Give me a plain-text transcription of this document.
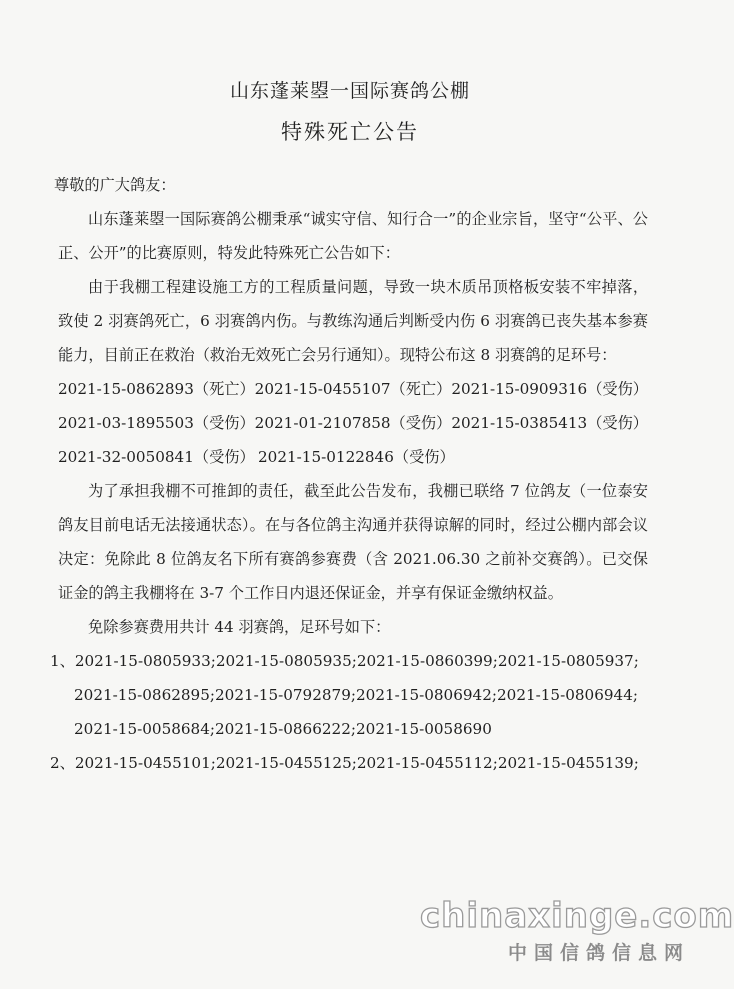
山东蓬莱曌一国际赛鸽公棚
特殊死亡公告

尊敬的广大鸽友：

山东蓬莱曌一国际赛鸽公棚秉承“诚实守信、知行合一”的企业宗旨，坚守“公平、公正、公开”的比赛原则，特发此特殊死亡公告如下：

由于我棚工程建设施工方的工程质量问题，导致一块木质吊顶格板安装不牢掉落，致使 2 羽赛鸽死亡，6 羽赛鸽内伤。与教练沟通后判断受内伤 6 羽赛鸽已丧失基本参赛能力，目前正在救治（救治无效死亡会另行通知）。现特公布这 8 羽赛鸽的足环号：

2021-15-0862893（死亡） 2021-15-0455107（死亡） 2021-15-0909316（受伤）
2021-03-1895503（受伤） 2021-01-2107858（受伤） 2021-15-0385413（受伤）
2021-32-0050841（受伤） 2021-15-0122846（受伤）

为了承担我棚不可推卸的责任，截至此公告发布，我棚已联络 7 位鸽友（一位泰安鸽友目前电话无法接通状态）。在与各位鸽主沟通并获得谅解的同时，经过公棚内部会议决定：免除此 8 位鸽友名下所有赛鸽参赛费（含 2021.06.30 之前补交赛鸽）。已交保证金的鸽主我棚将在 3-7 个工作日内退还保证金，并享有保证金缴纳权益。

免除参赛费用共计 44 羽赛鸽，足环号如下：

1、2021-15-0805933;2021-15-0805935;2021-15-0860399;2021-15-0805937;
2021-15-0862895;2021-15-0792879;2021-15-0806942;2021-15-0806944;
2021-15-0058684;2021-15-0866222;2021-15-0058690
2、2021-15-0455101;2021-15-0455125;2021-15-0455112;2021-15-0455139;
chinaxinge.com
中国信鸽信息网
